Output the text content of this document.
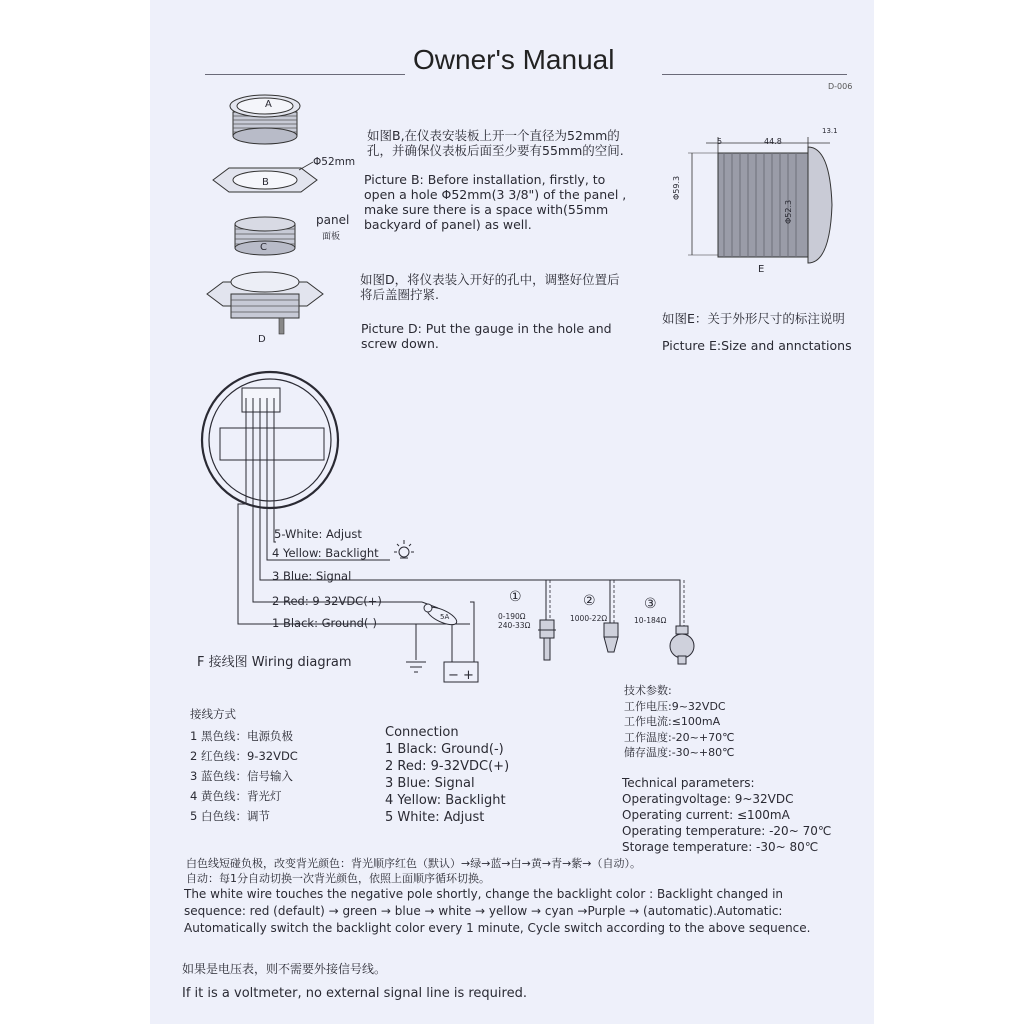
Owner's Manual
D-006
A
B
C
D
Φ52mm
panel
面板
如图B,在仪表安装板上开一个直径为52mm的
孔，并确保仪表板后面至少要有55mm的空间.
Picture B: Before installation, firstly, to
open a hole Φ52mm(3 3/8") of the panel ,
make sure there is a space with(55mm
backyard of panel) as well.
如图D，将仪表装入开好的孔中，调整好位置后
将后盖圈拧紧.
Picture D: Put the gauge in the hole and
screw down.
5	44.8
13.1
Φ59.3
Φ52.3
E
如图E：关于外形尺寸的标注说明
Picture E:Size and annctations
5-White: Adjust
4 Yellow: Backlight
3 Blue: Signal
2 Red: 9-32VDC(+)
1 Black: Ground(-)	5A
− +
①
0-190Ω
240-33Ω
②
1000-22Ω
③
10-184Ω
F 接线图 Wiring diagram
接线方式
1 黑色线：电源负极
2 红色线：9-32VDC
3 蓝色线：信号输入
4 黄色线：背光灯
5 白色线：调节
Connection
1 Black: Ground(-)
2 Red: 9-32VDC(+)
3 Blue: Signal
4 Yellow: Backlight
5 White: Adjust
技术参数:
工作电压:9~32VDC
工作电流:≤100mA
工作温度:-20~+70℃
储存温度:-30~+80℃
Technical parameters:
Operatingvoltage: 9~32VDC
Operating current: ≤100mA
Operating temperature: -20~ 70℃
Storage temperature: -30~ 80℃
白色线短碰负极，改变背光颜色：背光顺序红色（默认）→绿→蓝→白→黄→青→紫→（自动）。
自动：每1分自动切换一次背光颜色，依照上面顺序循环切换。
The white wire touches the negative pole shortly, change the backlight color : Backlight changed in
sequence: red (default) → green → blue → white → yellow → cyan →Purple → (automatic).Automatic:
Automatically switch the backlight color every 1 minute, Cycle switch according to the above sequence.
如果是电压表，则不需要外接信号线。
If it is a voltmeter, no external signal line is required.
